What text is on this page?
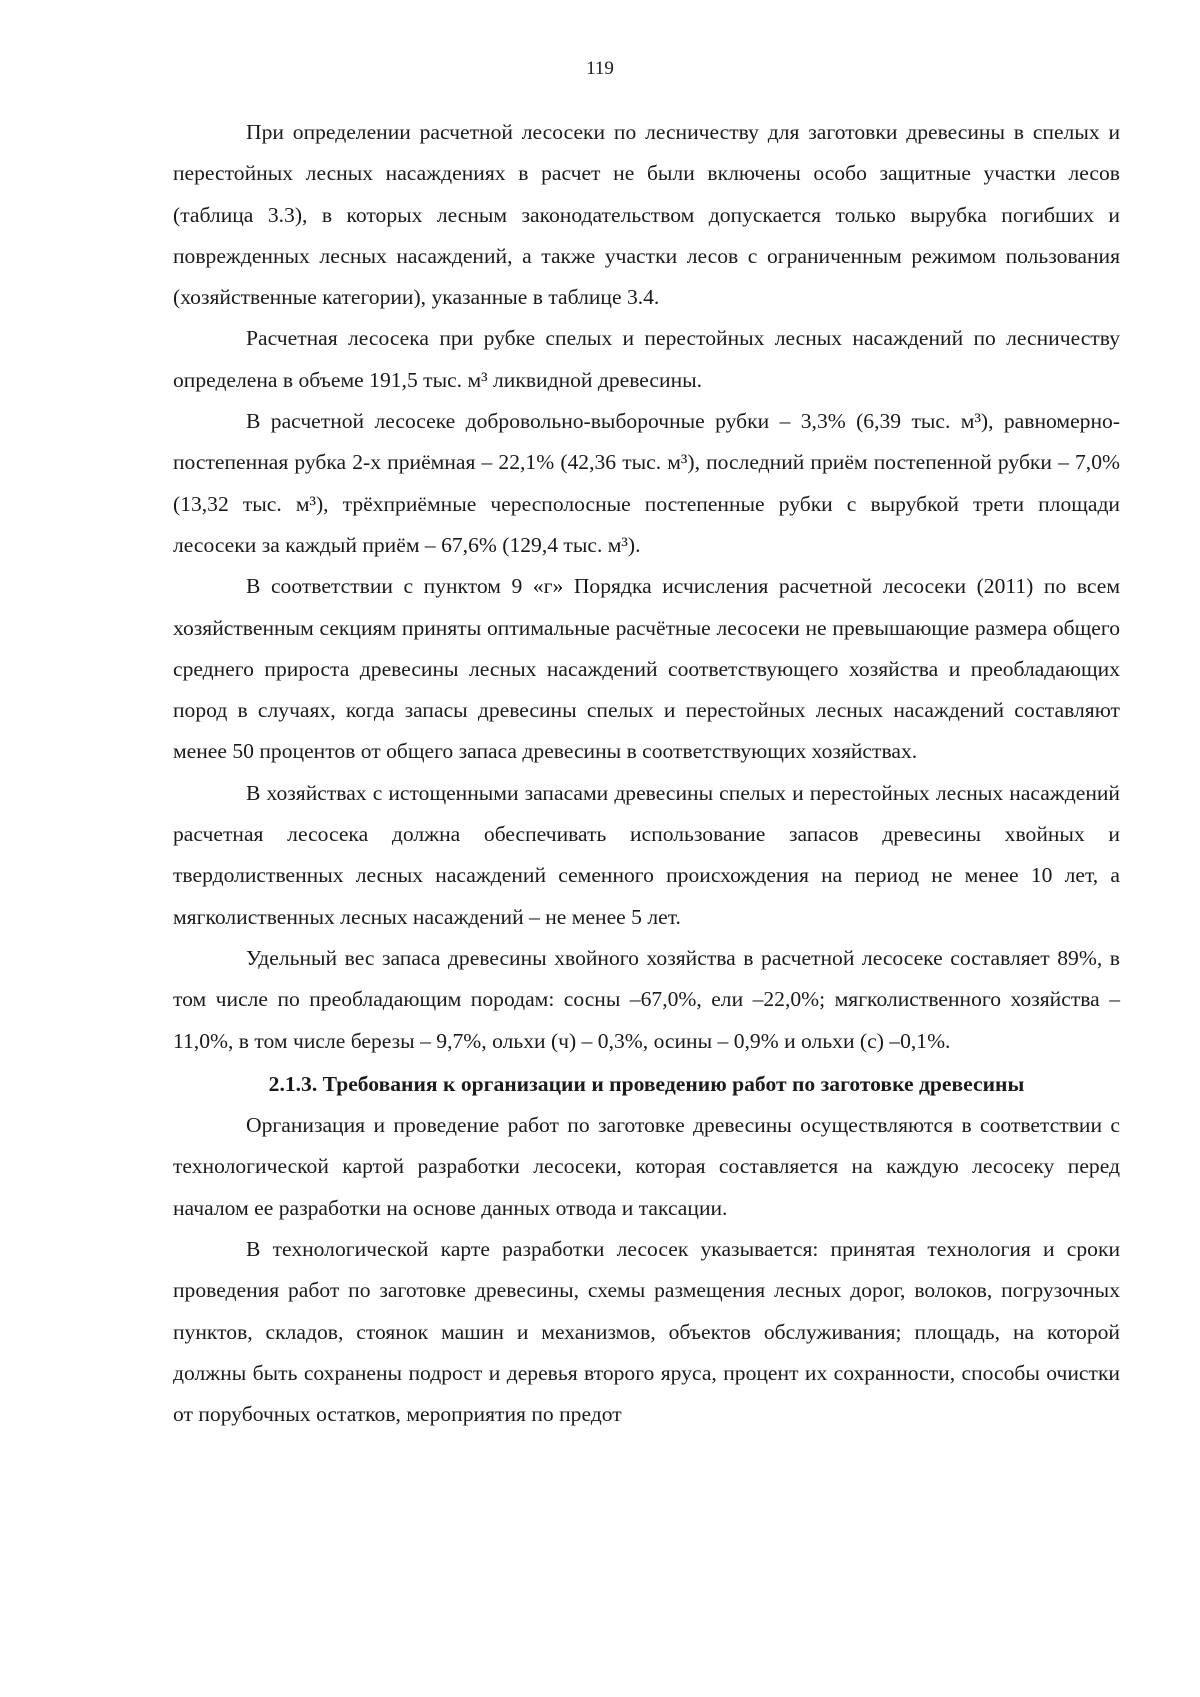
119

При определении расчетной лесосеки по лесничеству для заготовки древесины в спелых и перестойных лесных насаждениях в расчет не были включены особо защитные участки лесов (таблица 3.3), в которых лесным законодательством допускается только вырубка погибших и поврежденных лесных насаждений, а также участки лесов с ограниченным режимом пользования (хозяйственные категории), указанные в таблице 3.4.

Расчетная лесосека при рубке спелых и перестойных лесных насаждений по лесничеству определена в объеме 191,5 тыс. м³ ликвидной древесины.

В расчетной лесосеке добровольно-выборочные рубки – 3,3% (6,39 тыс. м³), равномерно-постепенная рубка 2-х приёмная – 22,1% (42,36 тыс. м³), последний приём постепенной рубки – 7,0% (13,32 тыс. м³), трёхприёмные чересполосные постепенные рубки с вырубкой трети площади лесосеки за каждый приём – 67,6% (129,4 тыс. м³).

В соответствии с пунктом 9 «г» Порядка исчисления расчетной лесосеки (2011) по всем хозяйственным секциям приняты оптимальные расчётные лесосеки не превышающие размера общего среднего прироста древесины лесных насаждений соответствующего хозяйства и преобладающих пород в случаях, когда запасы древесины спелых и перестойных лесных насаждений составляют менее 50 процентов от общего запаса древесины в соответствующих хозяйствах.

В хозяйствах с истощенными запасами древесины спелых и перестойных лесных насаждений расчетная лесосека должна обеспечивать использование запасов древесины хвойных и твердолиственных лесных насаждений семенного происхождения на период не менее 10 лет, а мягколиственных лесных насаждений – не менее 5 лет.

Удельный вес запаса древесины хвойного хозяйства в расчетной лесосеке составляет 89%, в том числе по преобладающим породам: сосны –67,0%, ели –22,0%; мягколиственного хозяйства –11,0%, в том числе березы – 9,7%, ольхи (ч) – 0,3%, осины – 0,9% и ольхи (с) –0,1%.

2.1.3. Требования к организации и проведению работ по заготовке древесины

Организация и проведение работ по заготовке древесины осуществляются в соответствии с технологической картой разработки лесосеки, которая составляется на каждую лесосеку перед началом ее разработки на основе данных отвода и таксации.

В технологической карте разработки лесосек указывается: принятая технология и сроки проведения работ по заготовке древесины, схемы размещения лесных дорог, волоков, погрузочных пунктов, складов, стоянок машин и механизмов, объектов обслуживания; площадь, на которой должны быть сохранены подрост и деревья второго яруса, процент их сохранности, способы очистки от порубочных остатков, мероприятия по предот
